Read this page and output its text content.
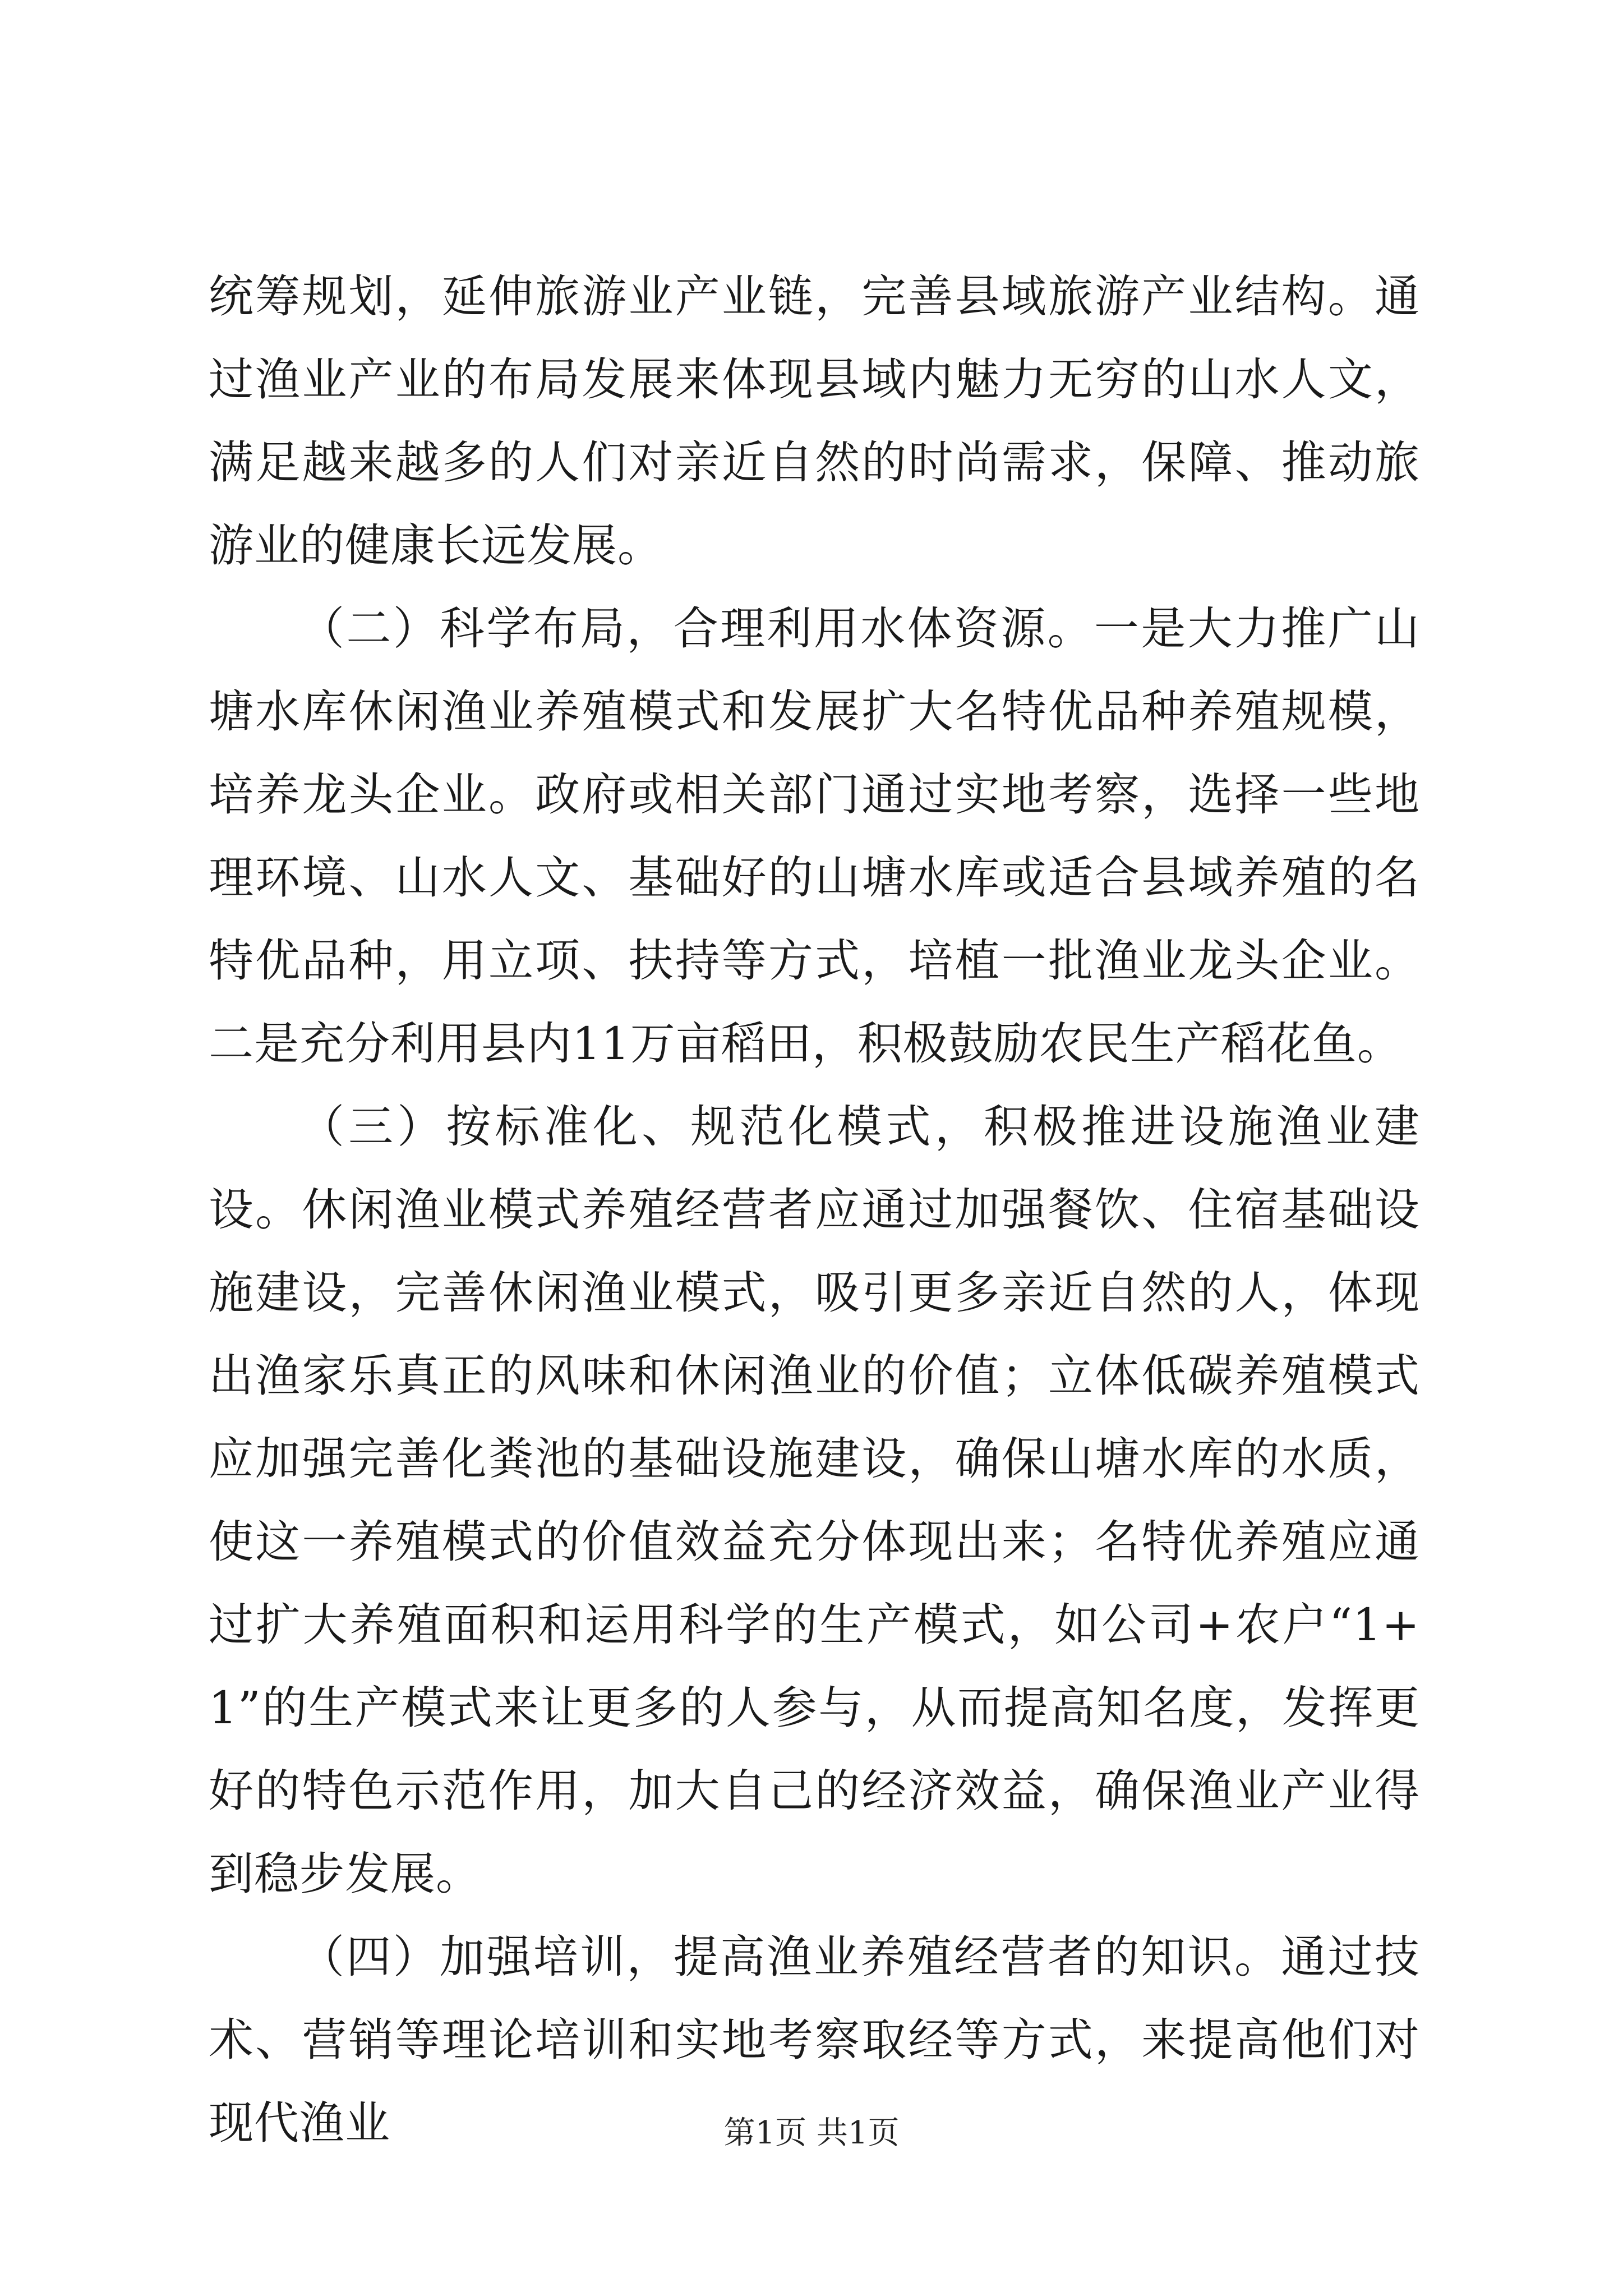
统筹规划，延伸旅游业产业链，完善县域旅游产业结构。通过渔业产业的布局发展来体现县域内魅力无穷的山水人文，满足越来越多的人们对亲近自然的时尚需求，保障、推动旅游业的健康长远发展。

（二）科学布局，合理利用水体资源。一是大力推广山塘水库休闲渔业养殖模式和发展扩大名特优品种养殖规模，培养龙头企业。政府或相关部门通过实地考察，选择一些地理环境、山水人文、基础好的山塘水库或适合县域养殖的名特优品种，用立项、扶持等方式，培植一批渔业龙头企业。二是充分利用县内11万亩稻田，积极鼓励农民生产稻花鱼。

（三）按标准化、规范化模式，积极推进设施渔业建设。休闲渔业模式养殖经营者应通过加强餐饮、住宿基础设施建设，完善休闲渔业模式，吸引更多亲近自然的人，体现出渔家乐真正的风味和休闲渔业的价值；立体低碳养殖模式应加强完善化粪池的基础设施建设，确保山塘水库的水质，使这一养殖模式的价值效益充分体现出来；名特优养殖应通过扩大养殖面积和运用科学的生产模式，如公司+农户“1+1”的生产模式来让更多的人参与，从而提高知名度，发挥更好的特色示范作用，加大自己的经济效益，确保渔业产业得到稳步发展。

（四）加强培训，提高渔业养殖经营者的知识。通过技术、营销等理论培训和实地考察取经等方式，来提高他们对现代渔业	第1页 共1页
